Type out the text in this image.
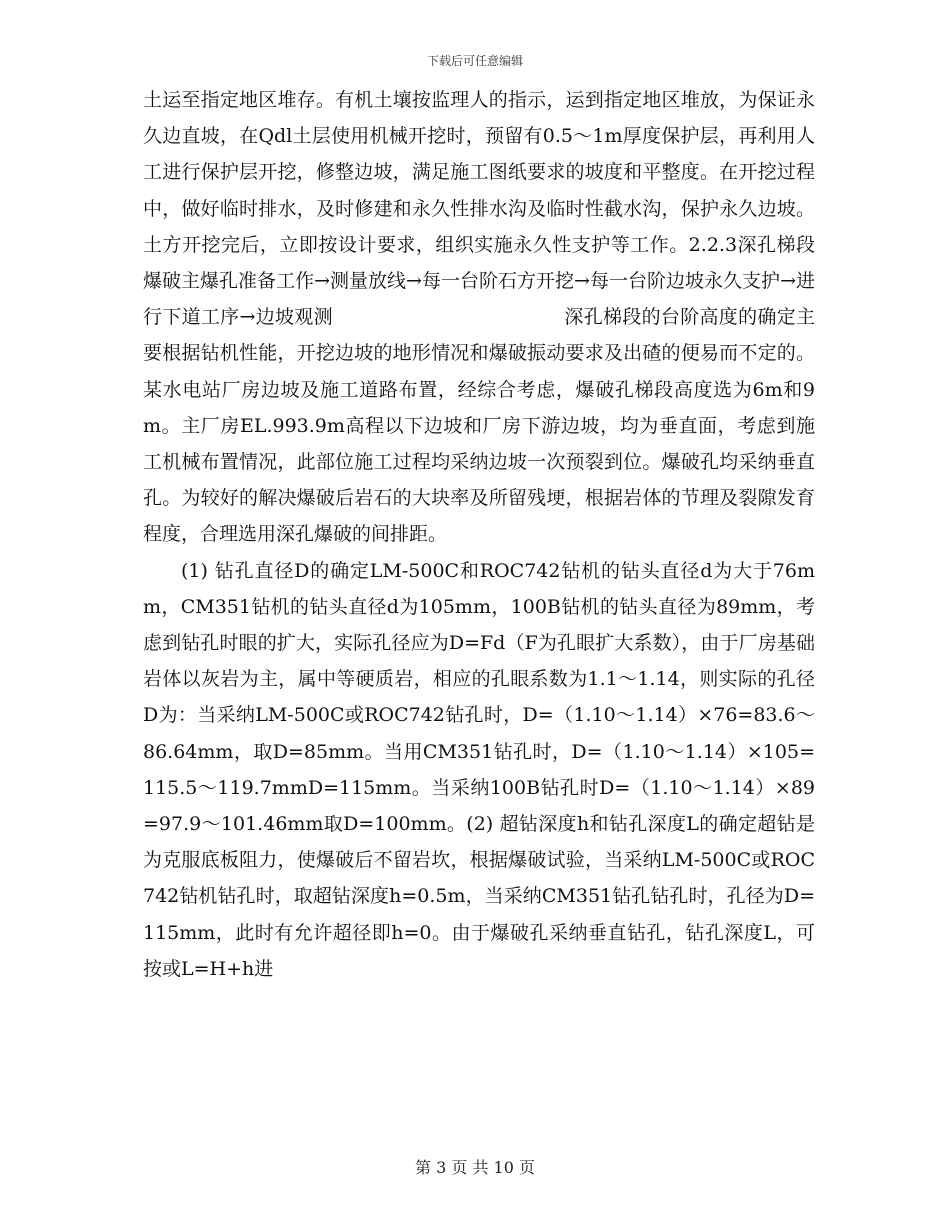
下载后可任意编辑

土运至指定地区堆存。有机土壤按监理人的指示，运到指定地区堆放，为保证永久边直坡，在Qdl土层使用机械开挖时，预留有0.5～1m厚度保护层，再利用人工进行保护层开挖，修整边坡，满足施工图纸要求的坡度和平整度。在开挖过程中，做好临时排水，及时修建和永久性排水沟及临时性截水沟，保护永久边坡。土方开挖完后，立即按设计要求，组织实施永久性支护等工作。2.2.3深孔梯段爆破主爆孔准备工作→测量放线→每一台阶石方开挖→每一台阶边坡永久支护→进行下道工序→边坡观测　　　　　　　　　　　　深孔梯段的台阶高度的确定主要根据钻机性能，开挖边坡的地形情况和爆破振动要求及出碴的便易而不定的。某水电站厂房边坡及施工道路布置，经综合考虑，爆破孔梯段高度选为6m和9m。主厂房EL.993.9m高程以下边坡和厂房下游边坡，均为垂直面，考虑到施工机械布置情况，此部位施工过程均采纳边坡一次预裂到位。爆破孔均采纳垂直孔。为较好的解决爆破后岩石的大块率及所留残埂，根据岩体的节理及裂隙发育程度，合理选用深孔爆破的间排距。

(1) 钻孔直径D的确定LM-500C和ROC742钻机的钻头直径d为大于76mm，CM351钻机的钻头直径d为105mm，100B钻机的钻头直径为89mm，考虑到钻孔时眼的扩大，实际孔径应为D=Fd（F为孔眼扩大系数），由于厂房基础岩体以灰岩为主，属中等硬质岩，相应的孔眼系数为1.1～1.14，则实际的孔径D为：当采纳LM-500C或ROC742钻孔时，D=（1.10～1.14）×76=83.6～86.64mm，取D=85mm。当用CM351钻孔时，D=（1.10～1.14）×105=115.5～119.7mmD=115mm。当采纳100B钻孔时D=（1.10～1.14）×89=97.9～101.46mm取D=100mm。(2) 超钻深度h和钻孔深度L的确定超钻是为克服底板阻力，使爆破后不留岩坎，根据爆破试验，当采纳LM-500C或ROC742钻机钻孔时，取超钻深度h=0.5m，当采纳CM351钻孔钻孔时，孔径为D=115mm，此时有允许超径即h=0。由于爆破孔采纳垂直钻孔，钻孔深度L，可按或L=H+h进

第 3 页 共 10 页
